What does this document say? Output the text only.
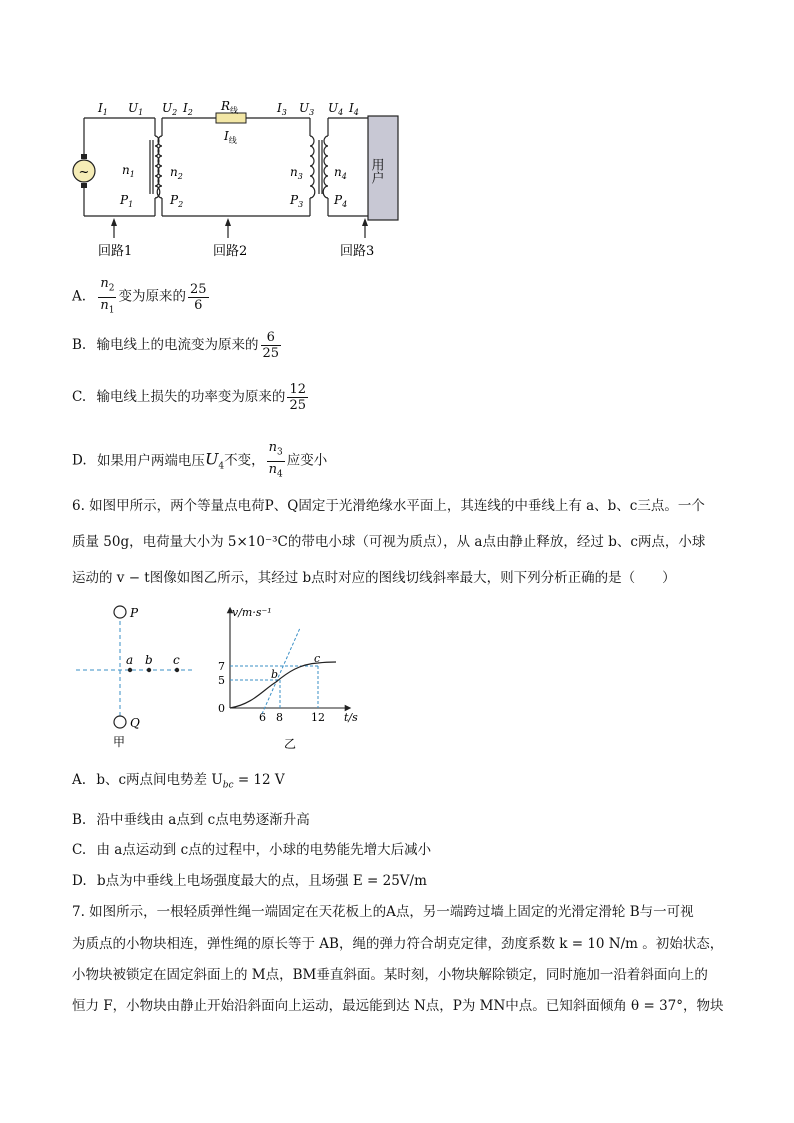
~	用户
$I_1$ $U_1$ $U_2$ $I_2$ $R_线$
$I_线$
$I_3$ $U_3$ $U_4$ $I_4$
$n_1$	$n_2$	$n_3$	$n_4$
$P_1$	$P_2$	$P_3$	$P_4$
回路1	回路2	回路3
A. $\frac{n_2}{n_1}$ 变为原来的 $\frac{25}{6}$
B. 输电线上的电流变为原来的 $\frac{6}{25}$
C. 输电线上损失的功率变为原来的 $\frac{12}{25}$
D. 如果用户两端电压$U_4$不变， $\frac{n_3}{n_4}$ 应变小
6. 如图甲所示，两个等量点电荷P、Q固定于光滑绝缘水平面上，其连线的中垂线上有 a、b、c三点。一个
质量 50g，电荷量大小为 5×10⁻³C的带电小球（可视为质点），从 a点由静止释放，经过 b、c两点，小球
运动的 v − t图像如图乙所示，其经过 b点时对应的图线切线斜率最大，则下列分析正确的是（　　）
P
Q
a b c
甲
7
5
0
6 8	12
b
c
v/m·s⁻¹
t/s
乙
A. b、c两点间电势差 $U_{bc} = 12$ V
B. 沿中垂线由 a点到 c点电势逐渐升高
C. 由 a点运动到 c点的过程中，小球的电势能先增大后减小
D. b点为中垂线上电场强度最大的点，且场强 E = 25V/m
7. 如图所示，一根轻质弹性绳一端固定在天花板上的A点，另一端跨过墙上固定的光滑定滑轮 B与一可视
为质点的小物块相连，弹性绳的原长等于 AB，绳的弹力符合胡克定律，劲度系数 k = 10 N/m 。初始状态，
小物块被锁定在固定斜面上的 M点，BM垂直斜面。某时刻，小物块解除锁定，同时施加一沿着斜面向上的
恒力 F，小物块由静止开始沿斜面向上运动，最远能到达 N点，P为 MN中点。已知斜面倾角 θ = 37°，物块
